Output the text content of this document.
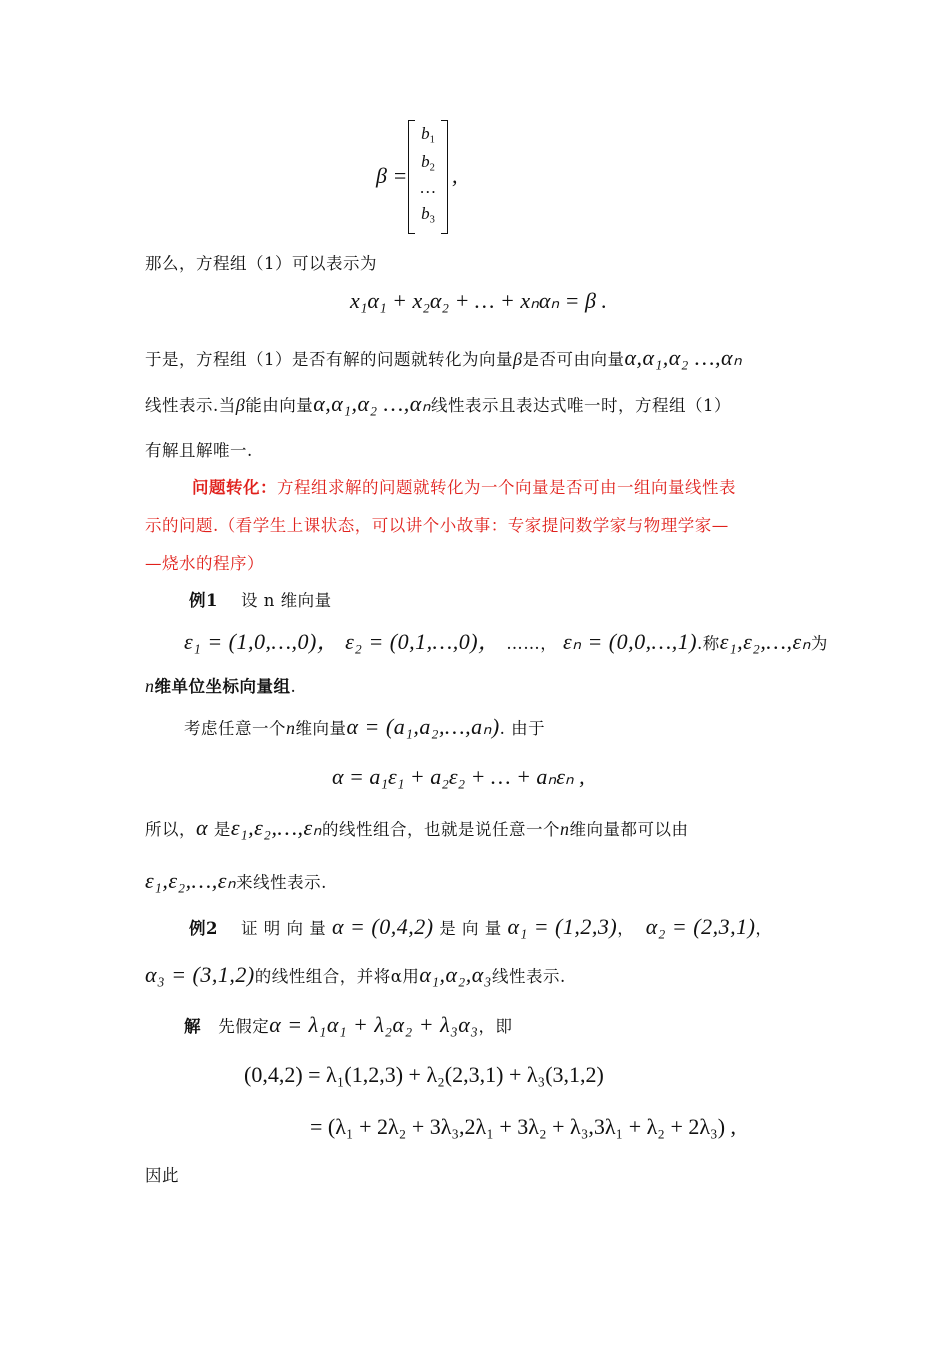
β =
$b_1$
$b_2$
…
$b_3$
,
那么，方程组（1）可以表示为
x₁α₁ + x₂α₂ + … + xₙαₙ = β .
于是，方程组（1）是否有解的问题就转化为向量β是否可由向量α,α₁,α₂ …,αₙ
线性表示.当β能由向量α,α₁,α₂ …,αₙ线性表示且表达式唯一时，方程组（1）
有解且解唯一.
问题转化：方程组求解的问题就转化为一个向量是否可由一组向量线性表
示的问题.（看学生上课状态，可以讲个小故事：专家提问数学家与物理学家—
—烧水的程序）
例1 设 n 维向量
ε₁ = (1,0,…,0)， ε₂ = (0,1,…,0)， ……， εₙ = (0,0,…,1).称ε₁,ε₂,…,εₙ为
n维单位坐标向量组.
考虑任意一个n维向量α = (a₁,a₂,…,aₙ). 由于
α = a₁ε₁ + a₂ε₂ + … + aₙεₙ ,
所以，α 是ε₁,ε₂,…,εₙ的线性组合，也就是说任意一个n维向量都可以由
ε₁,ε₂,…,εₙ来线性表示.
例2 证 明 向 量 α = (0,4,2) 是 向 量 α₁ = (1,2,3)， α₂ = (2,3,1)，
α₃ = (3,1,2)的线性组合，并将α用α₁,α₂,α₃线性表示.
解 先假定α = λ₁α₁ + λ₂α₂ + λ₃α₃，即
(0,4,2) = λ₁(1,2,3) + λ₂(2,3,1) + λ₃(3,1,2)
= (λ₁ + 2λ₂ + 3λ₃,2λ₁ + 3λ₂ + λ₃,3λ₁ + λ₂ + 2λ₃) ,
因此
